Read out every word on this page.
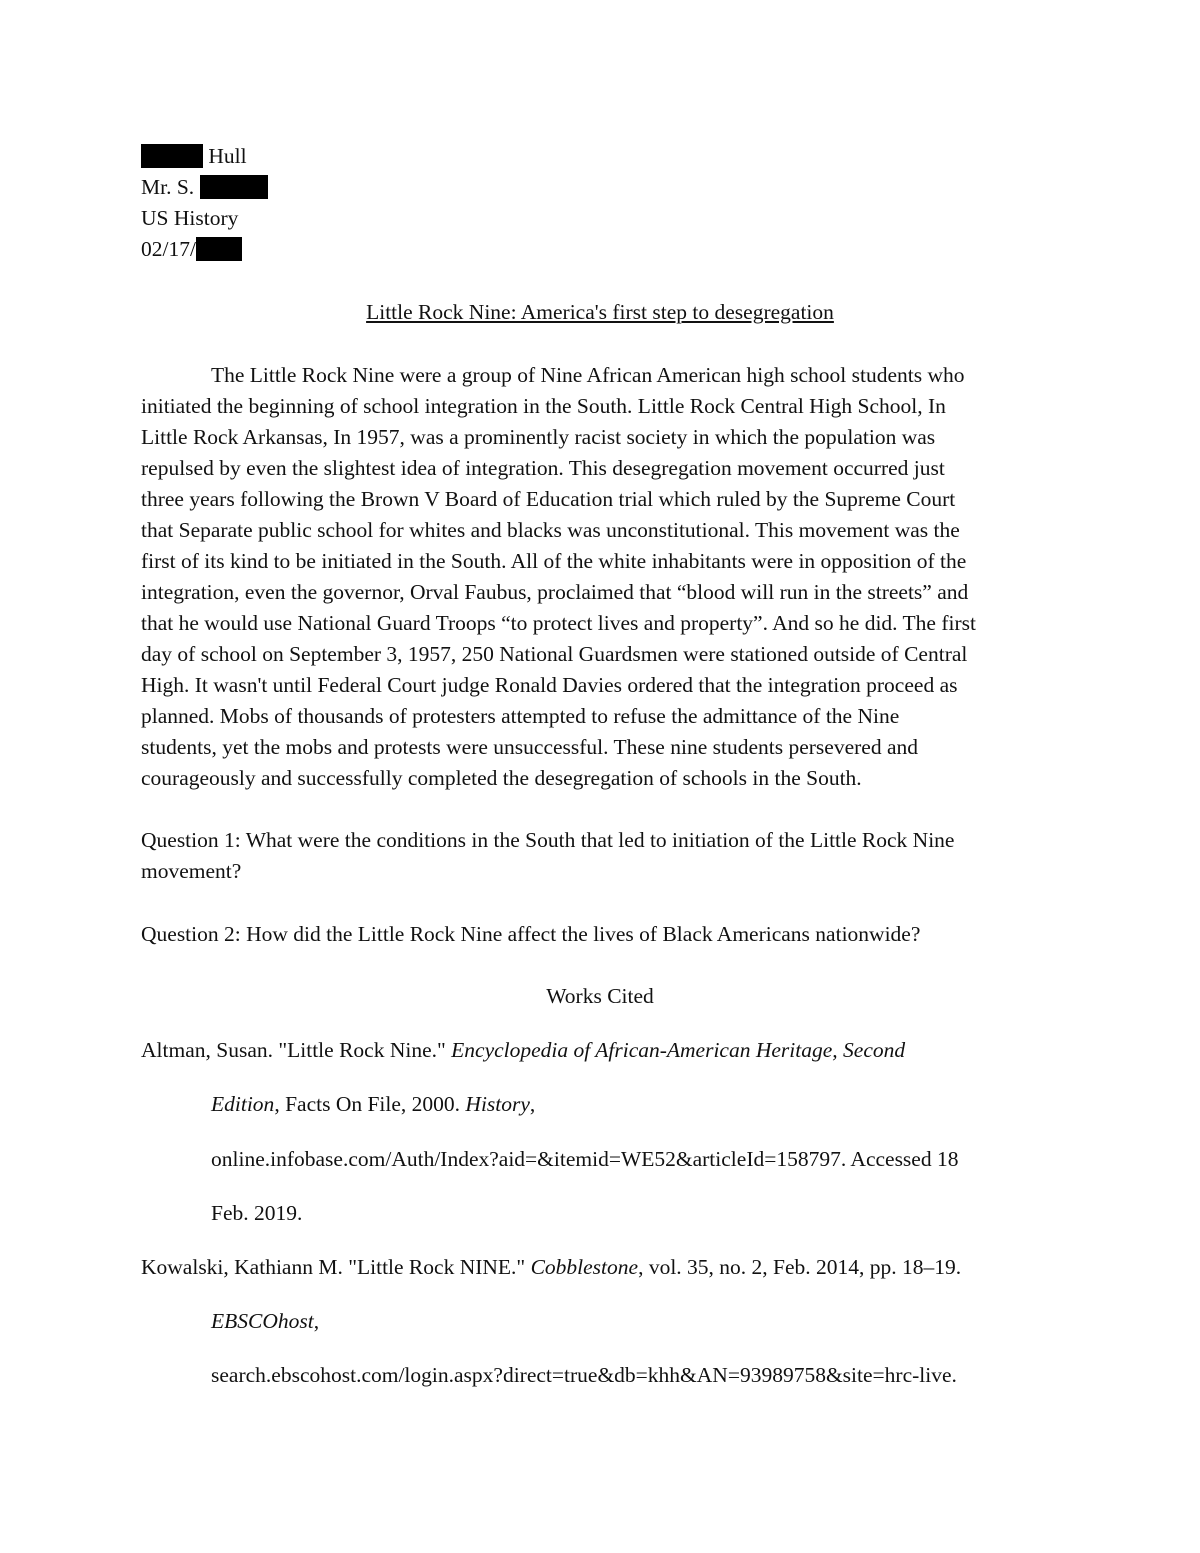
Hull
Mr. S.
US History
02/17/
Little Rock Nine: America's first step to desegregation
The Little Rock Nine were a group of Nine African American high school students who
initiated the beginning of school integration in the South. Little Rock Central High School, In
Little Rock Arkansas, In 1957, was a prominently racist society in which the population was
repulsed by even the slightest idea of integration. This desegregation movement occurred just
three years following the Brown V Board of Education trial which ruled by the Supreme Court
that Separate public school for whites and blacks was unconstitutional. This movement was the
first of its kind to be initiated in the South. All of the white inhabitants were in opposition of the
integration, even the governor, Orval Faubus, proclaimed that “blood will run in the streets” and
that he would use National Guard Troops “to protect lives and property”. And so he did. The first
day of school on September 3, 1957, 250 National Guardsmen were stationed outside of Central
High. It wasn't until Federal Court judge Ronald Davies ordered that the integration proceed as
planned. Mobs of thousands of protesters attempted to refuse the admittance of the Nine
students, yet the mobs and protests were unsuccessful. These nine students persevered and
courageously and successfully completed the desegregation of schools in the South.
Question 1: What were the conditions in the South that led to initiation of the Little Rock Nine
movement?
Question 2: How did the Little Rock Nine affect the lives of Black Americans nationwide?
Works Cited
Altman, Susan. "Little Rock Nine." Encyclopedia of African-American Heritage, Second
Edition, Facts On File, 2000. History,
online.infobase.com/Auth/Index?aid=&itemid=WE52&articleId=158797. Accessed 18
Feb. 2019.
Kowalski, Kathiann M. "Little Rock NINE." Cobblestone, vol. 35, no. 2, Feb. 2014, pp. 18–19.
EBSCOhost,
search.ebscohost.com/login.aspx?direct=true&db=khh&AN=93989758&site=hrc-live.
